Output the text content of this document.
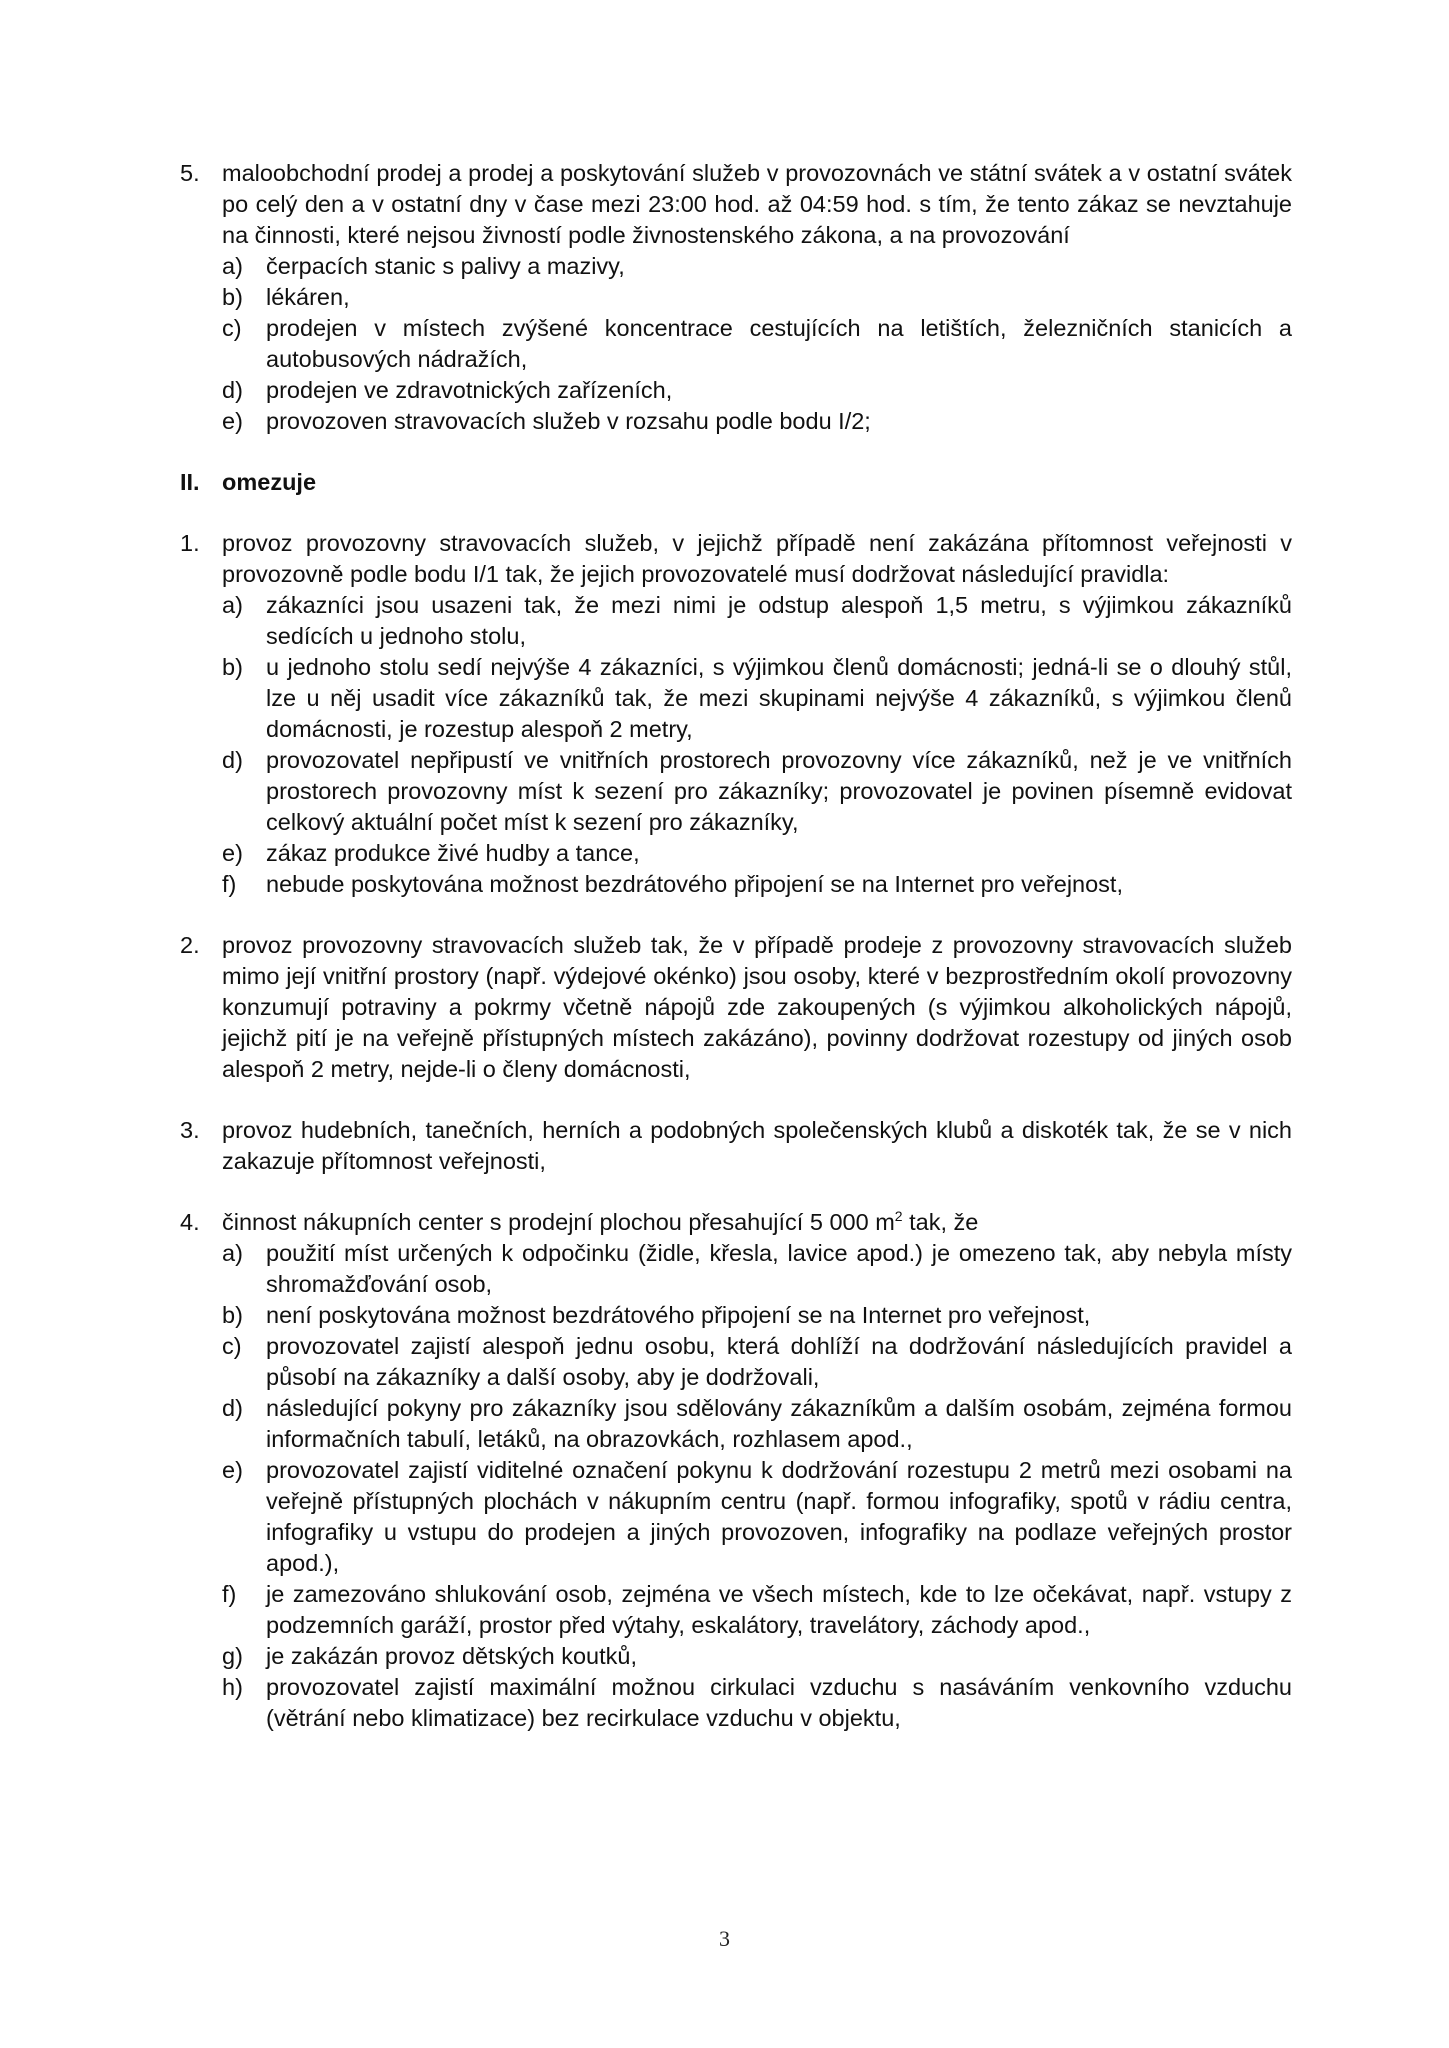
5. maloobchodní prodej a prodej a poskytování služeb v provozovnách ve státní svátek a v ostatní svátek po celý den a v ostatní dny v čase mezi 23:00 hod. až 04:59 hod. s tím, že tento zákaz se nevztahuje na činnosti, které nejsou živností podle živnostenského zákona, a na provozování
a) čerpacích stanic s palivy a mazivy,
b) lékáren,
c)	prodejen v místech zvýšené koncentrace cestujících na letištích, železničních stanicích a autobusových nádražích,
d) prodejen ve zdravotnických zařízeních,
e) provozoven stravovacích služeb v rozsahu podle bodu I/2;
II. omezuje
1. provoz provozovny stravovacích služeb, v jejichž případě není zakázána přítomnost veřejnosti v provozovně podle bodu I/1 tak, že jejich provozovatelé musí dodržovat následující pravidla:
a) zákazníci jsou usazeni tak, že mezi nimi je odstup alespoň 1,5 metru, s výjimkou zákazníků sedících u jednoho stolu,
b) u jednoho stolu sedí nejvýše 4 zákazníci, s výjimkou členů domácnosti; jedná-li se o dlouhý stůl, lze u něj usadit více zákazníků tak, že mezi skupinami nejvýše 4 zákazníků, s výjimkou členů domácnosti, je rozestup alespoň 2 metry,
d) provozovatel nepřipustí ve vnitřních prostorech provozovny více zákazníků, než je ve vnitřních prostorech provozovny míst k sezení pro zákazníky; provozovatel je povinen písemně evidovat celkový aktuální počet míst k sezení pro zákazníky,
e) zákaz produkce živé hudby a tance,
f)	nebude poskytována možnost bezdrátového připojení se na Internet pro veřejnost,
2. provoz provozovny stravovacích služeb tak, že v případě prodeje z provozovny stravovacích služeb mimo její vnitřní prostory (např. výdejové okénko) jsou osoby, které v bezprostředním okolí provozovny konzumují potraviny a pokrmy včetně nápojů zde zakoupených (s výjimkou alkoholických nápojů, jejichž pití je na veřejně přístupných místech zakázáno), povinny dodržovat rozestupy od jiných osob alespoň 2 metry, nejde-li o členy domácnosti,
3. provoz hudebních, tanečních, herních a podobných společenských klubů a diskoték tak, že se v nich zakazuje přítomnost veřejnosti,
4. činnost nákupních center s prodejní plochou přesahující 5 000 $m^2$ tak, že
a) použití míst určených k odpočinku (židle, křesla, lavice apod.) je omezeno tak, aby nebyla místy shromažďování osob,
b) není poskytována možnost bezdrátového připojení se na Internet pro veřejnost,
c)	provozovatel zajistí alespoň jednu osobu, která dohlíží na dodržování následujících pravidel a působí na zákazníky a další osoby, aby je dodržovali,
d) následující pokyny pro zákazníky jsou sdělovány zákazníkům a dalším osobám, zejména formou informačních tabulí, letáků, na obrazovkách, rozhlasem apod.,
e) provozovatel zajistí viditelné označení pokynu k dodržování rozestupu 2 metrů mezi osobami na veřejně přístupných plochách v nákupním centru (např. formou infografiky, spotů v rádiu centra, infografiky u vstupu do prodejen a jiných provozoven, infografiky na podlaze veřejných prostor apod.),
f)	je zamezováno shlukování osob, zejména ve všech místech, kde to lze očekávat, např. vstupy z podzemních garáží, prostor před výtahy, eskalátory, travelátory, záchody apod.,
g) je zakázán provoz dětských koutků,
h) provozovatel zajistí maximální možnou cirkulaci vzduchu s nasáváním venkovního vzduchu (větrání nebo klimatizace) bez recirkulace vzduchu v objektu,
3
